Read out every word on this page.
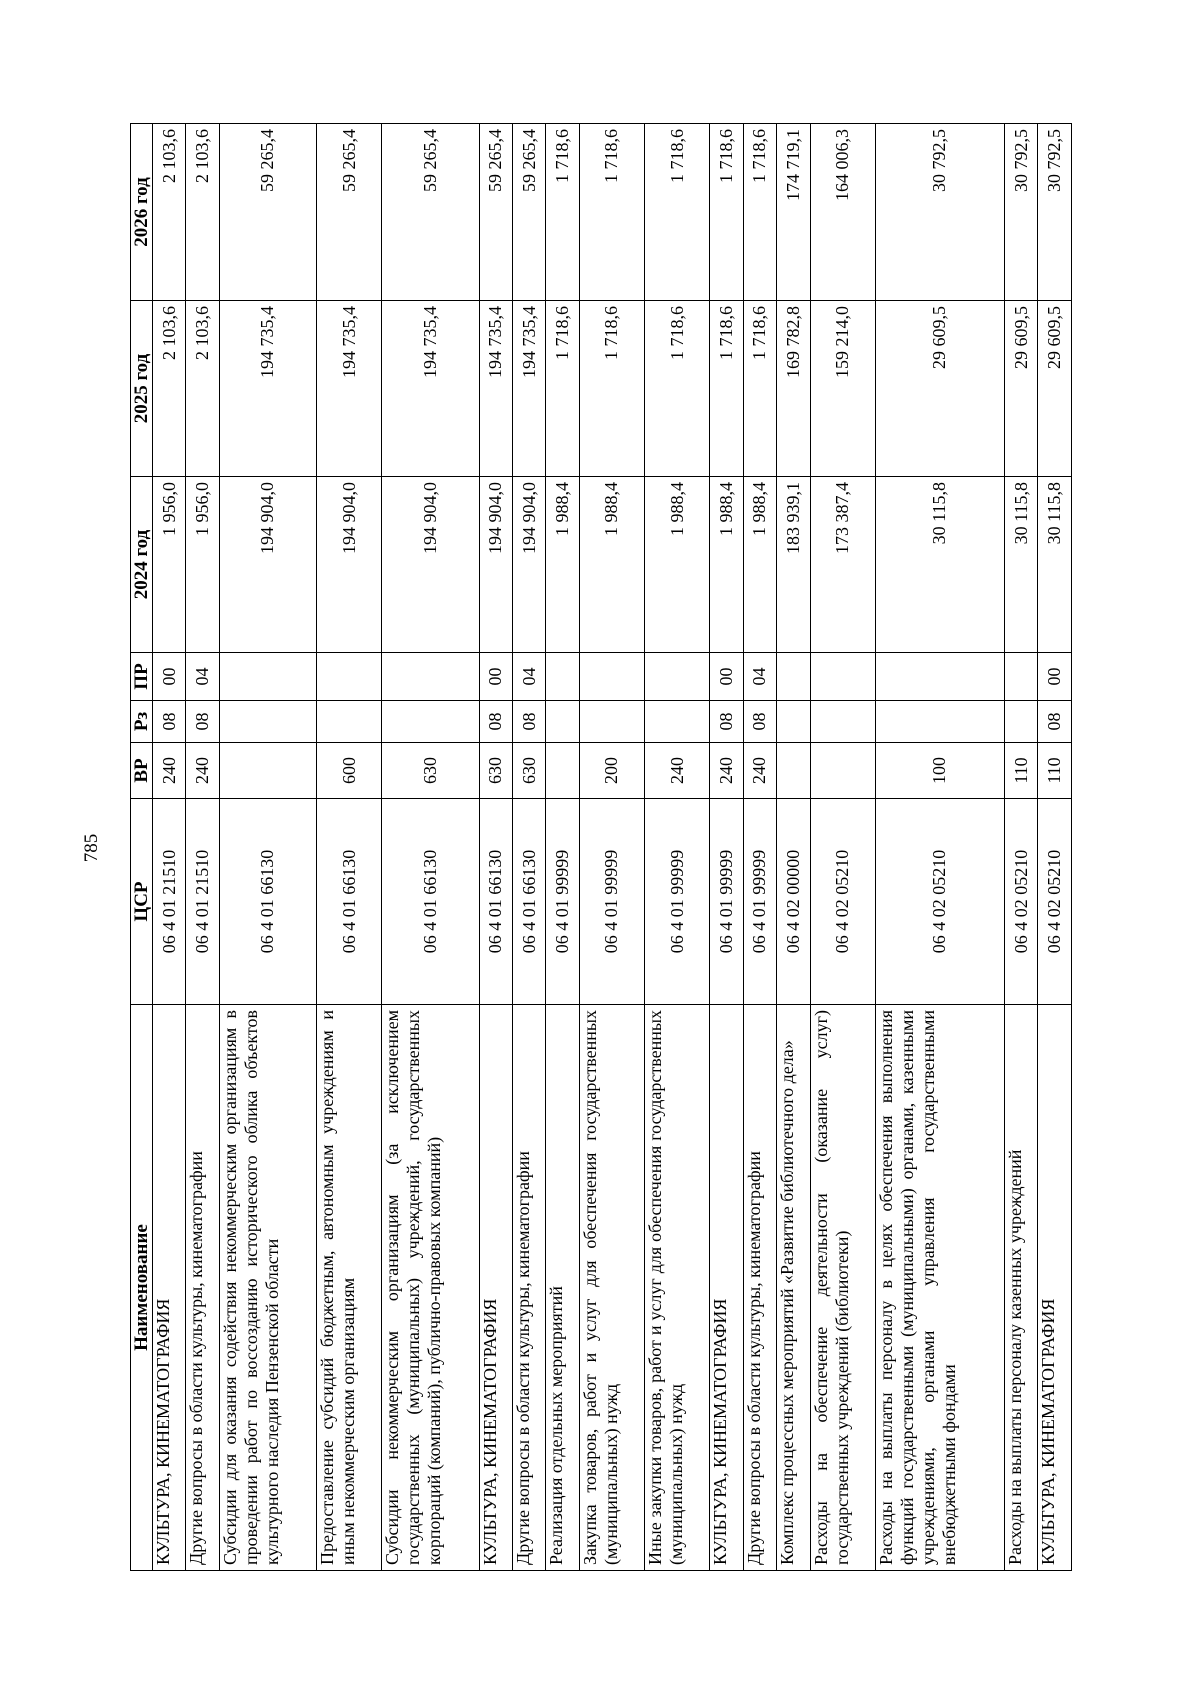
785
Наименование	ЦСР	ВР	Рз	ПР	2024 год	2025 год	2026 год
КУЛЬТУРА, КИНЕМАТОГРАФИЯ	06 4 01 21510	240	08	00	1 956,0	2 103,6	2 103,6
Другие вопросы в области культуры, кинематографии	06 4 01 21510	240	08	04	1 956,0	2 103,6	2 103,6
Субсидии для оказания содействия некоммерческим организациям в проведении работ по воссозданию исторического облика объектов культурного наследия Пензенской области	06 4 01 66130				194 904,0	194 735,4	59 265,4
Предоставление субсидий бюджетным, автономным учреждениям и иным некоммерческим организациям	06 4 01 66130	600			194 904,0	194 735,4	59 265,4
Субсидии некоммерческим организациям (за исключением государственных (муниципальных) учреждений, государственных корпораций (компаний), публично-правовых компаний)	06 4 01 66130	630			194 904,0	194 735,4	59 265,4
КУЛЬТУРА, КИНЕМАТОГРАФИЯ	06 4 01 66130	630	08	00	194 904,0	194 735,4	59 265,4
Другие вопросы в области культуры, кинематографии	06 4 01 66130	630	08	04	194 904,0	194 735,4	59 265,4
Реализация отдельных мероприятий	06 4 01 99999				1 988,4	1 718,6	1 718,6
Закупка товаров, работ и услуг для обеспечения государственных (муниципальных) нужд	06 4 01 99999	200			1 988,4	1 718,6	1 718,6
Иные закупки товаров, работ и услуг для обеспечения государственных (муниципальных) нужд	06 4 01 99999	240			1 988,4	1 718,6	1 718,6
КУЛЬТУРА, КИНЕМАТОГРАФИЯ	06 4 01 99999	240	08	00	1 988,4	1 718,6	1 718,6
Другие вопросы в области культуры, кинематографии	06 4 01 99999	240	08	04	1 988,4	1 718,6	1 718,6
Комплекс процессных мероприятий «Развитие библиотечного дела»	06 4 02 00000				183 939,1	169 782,8	174 719,1
Расходы на обеспечение деятельности (оказание услуг) государственных учреждений (библиотеки)	06 4 02 05210				173 387,4	159 214,0	164 006,3
Расходы на выплаты персоналу в целях обеспечения выполнения функций государственными (муниципальными) органами, казенными учреждениями, органами управления государственными внебюджетными фондами	06 4 02 05210	100			30 115,8	29 609,5	30 792,5
Расходы на выплаты персоналу казенных учреждений	06 4 02 05210	110			30 115,8	29 609,5	30 792,5
КУЛЬТУРА, КИНЕМАТОГРАФИЯ	06 4 02 05210	110	08	00	30 115,8	29 609,5	30 792,5
